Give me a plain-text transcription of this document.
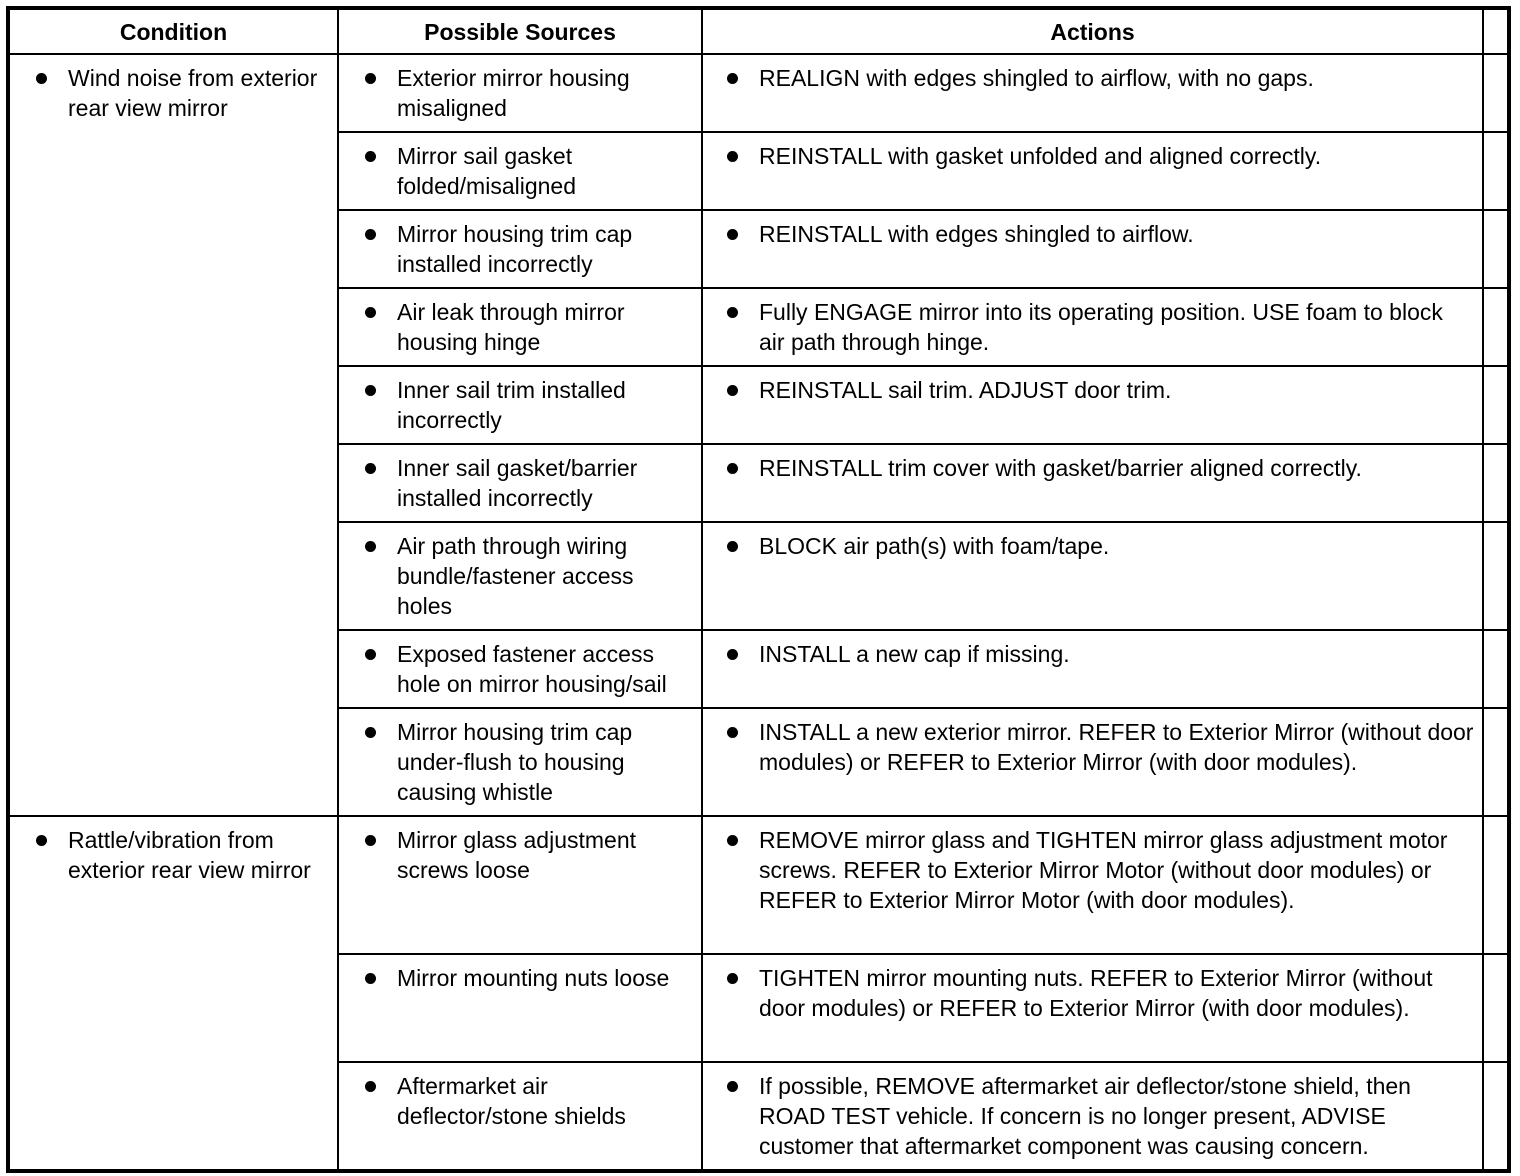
Condition	Possible Sources	Actions	

Wind noise from exterior rear view mirror	Exterior mirror housing misaligned	REALIGN with edges shingled to airflow, with no gaps.	

	Mirror sail gasket folded/misaligned	REINSTALL with gasket unfolded and aligned correctly.	

	Mirror housing trim cap installed incorrectly	REINSTALL with edges shingled to airflow.	

	Air leak through mirror housing hinge	Fully ENGAGE mirror into its operating position. USE foam to block air path through hinge.	

	Inner sail trim installed incorrectly	REINSTALL sail trim. ADJUST door trim.	

	Inner sail gasket/barrier installed incorrectly	REINSTALL trim cover with gasket/barrier aligned correctly.	

	Air path through wiring bundle/fastener access holes	BLOCK air path(s) with foam/tape.	

	Exposed fastener access hole on mirror housing/sail	INSTALL a new cap if missing.	

	Mirror housing trim cap under-flush to housing causing whistle	INSTALL a new exterior mirror. REFER to Exterior Mirror (without door modules) or REFER to Exterior Mirror (with door modules).	

Rattle/vibration from exterior rear view mirror	Mirror glass adjustment screws loose	REMOVE mirror glass and TIGHTEN mirror glass adjustment motor screws. REFER to Exterior Mirror Motor (without door modules) or REFER to Exterior Mirror Motor (with door modules).	

	Mirror mounting nuts loose	TIGHTEN mirror mounting nuts. REFER to Exterior Mirror (without door modules) or REFER to Exterior Mirror (with door modules).	

	Aftermarket air deflector/stone shields	If possible, REMOVE aftermarket air deflector/stone shield, then ROAD TEST vehicle. If concern is no longer present, ADVISE customer that aftermarket component was causing concern.	
